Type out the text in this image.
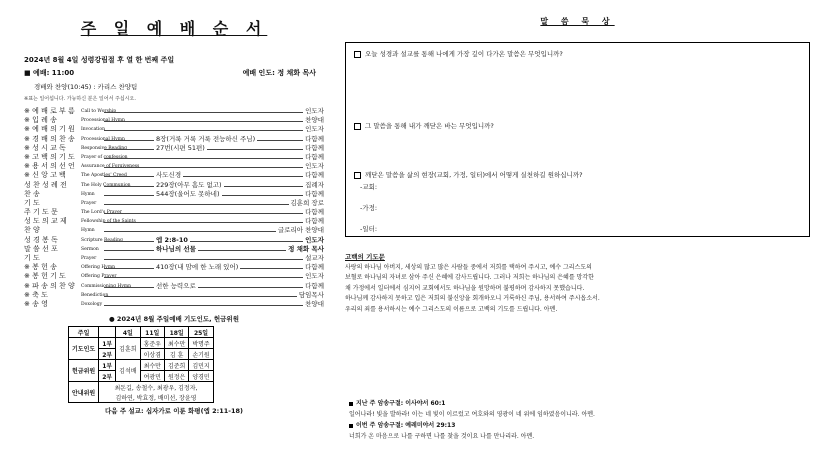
주 일 예 배 순 서
2024년 8월 4일 성령강림절 후 열 한 번째 주일
■ 예배: 11:00	예배 인도: 정 채화 목사
경배와 찬양(10:45) : 카리스 찬양팀
※표는 일어섭니다. 가능하신 분은 일어서 주십시오.
※ 예 배 로 부 름 Call to Worship	인도자
※ 입 례 송	Processional Hymn	찬양대
※ 예 배 의 기 원 Invocation	인도자
※ 경 배 의 찬 송 Processional Hymn	8장(거룩 거룩 거룩 전능하신 주님)	다함께
※ 성 시 교 독	Responsive Reading	27번(시편 51편)	다함께
※ 고 백 의 기 도 Prayer of confession	다함께
※ 용 서 의 선 언 Assurance of Forgiveness	인도자
※ 신 앙 고 백	The Apostles' Creed	사도신경	다함께
성 찬 성 례 전	The Holy Communion	229장(아무 흠도 없고)	집례자
찬 송	Hymn	544장(울어도 못하네)	다함께
기 도	Prayer	김훈희 장로
주 기 도 문	The Lord's Prayer	다함께
성 도 의 교 제	Fellowship of the Saints	다함께
찬 양	Hymn	글로리아 찬양대
성 경 봉 독	Scripture Reading	엡 2:8-10	인도자
말 씀 선 포	Sermon	하나님의 선물	정 채화 목사
기 도	Prayer	설교자
※ 봉 헌 송	Offering Hymn	410장(내 맘에 한 노래 있어)	다함께
※ 봉 헌 기 도	Offering Prayer	인도자
※ 파 송 의 찬 양 Commissioning Hymn	선한 능력으로	다함께
※ 축 도	Benediction	담임목사
※ 송 영	Doxology	찬양대
● 2024년 8월 주일예배 기도인도, 헌금위원
주일		4일	11일	18일	25일
기도인도	1부	김훈희	홍준우	최수만	박명주
	2부		이상겸	김 훈	손기원
헌금위원	1부	김석배	최수만	김준희	김민지
	2부		여광민	원정은	양경민
안내위원	최돈길, 송철수, 최광우, 김정자,				
	김하연, 박효정, 배미선, 장윤영				
다음 주 설교: 십자가로 이룬 화평(엡 2:11-18)
말 씀 묵 상
오늘 성경과 설교를 통해 나에게 가장 깊이 다가온 말씀은 무엇입니까?
그 말씀을 통해 내가 깨닫은 바는 무엇입니까?
깨닫은 말씀을 삶의 현장(교회, 가정, 일터)에서 어떻게 실천하길 원하십니까?
-교회:
-가정:
-일터:
고백의 기도문
사랑의 하나님 아버지, 세상의 많고 많은 사람들 중에서 저희를 택하여 주시고, 예수 그리스도의
보혈로 하나님의 자녀로 삼아 주신 은혜에 감사드립니다. 그러나 저희는 하나님의 은혜를 망각한
채 가정에서 일터에서 심지어 교회에서도 하나님을 원망하며 불평하며 감사하지 못했습니다.
하나님께 감사하지 못하고 입은 저희의 불신앙을 회개하오니 거룩하신 주님, 용서하여 주시옵소서.
우리의 죄를 용서하시는 예수 그리스도의 이름으로 고백의 기도를 드립니다. 아멘.
지난 주 암송구절: 이사야서 60:1
일어나라! 빛을 발하라! 이는 네 빛이 이르렀고 여호와의 영광이 네 위에 임하였음이니라. 아멘.
이번 주 암송구절: 예레미야서 29:13
너희가 온 마음으로 나를 구하면 나를 찾을 것이요 나를 만나리라. 아멘.
